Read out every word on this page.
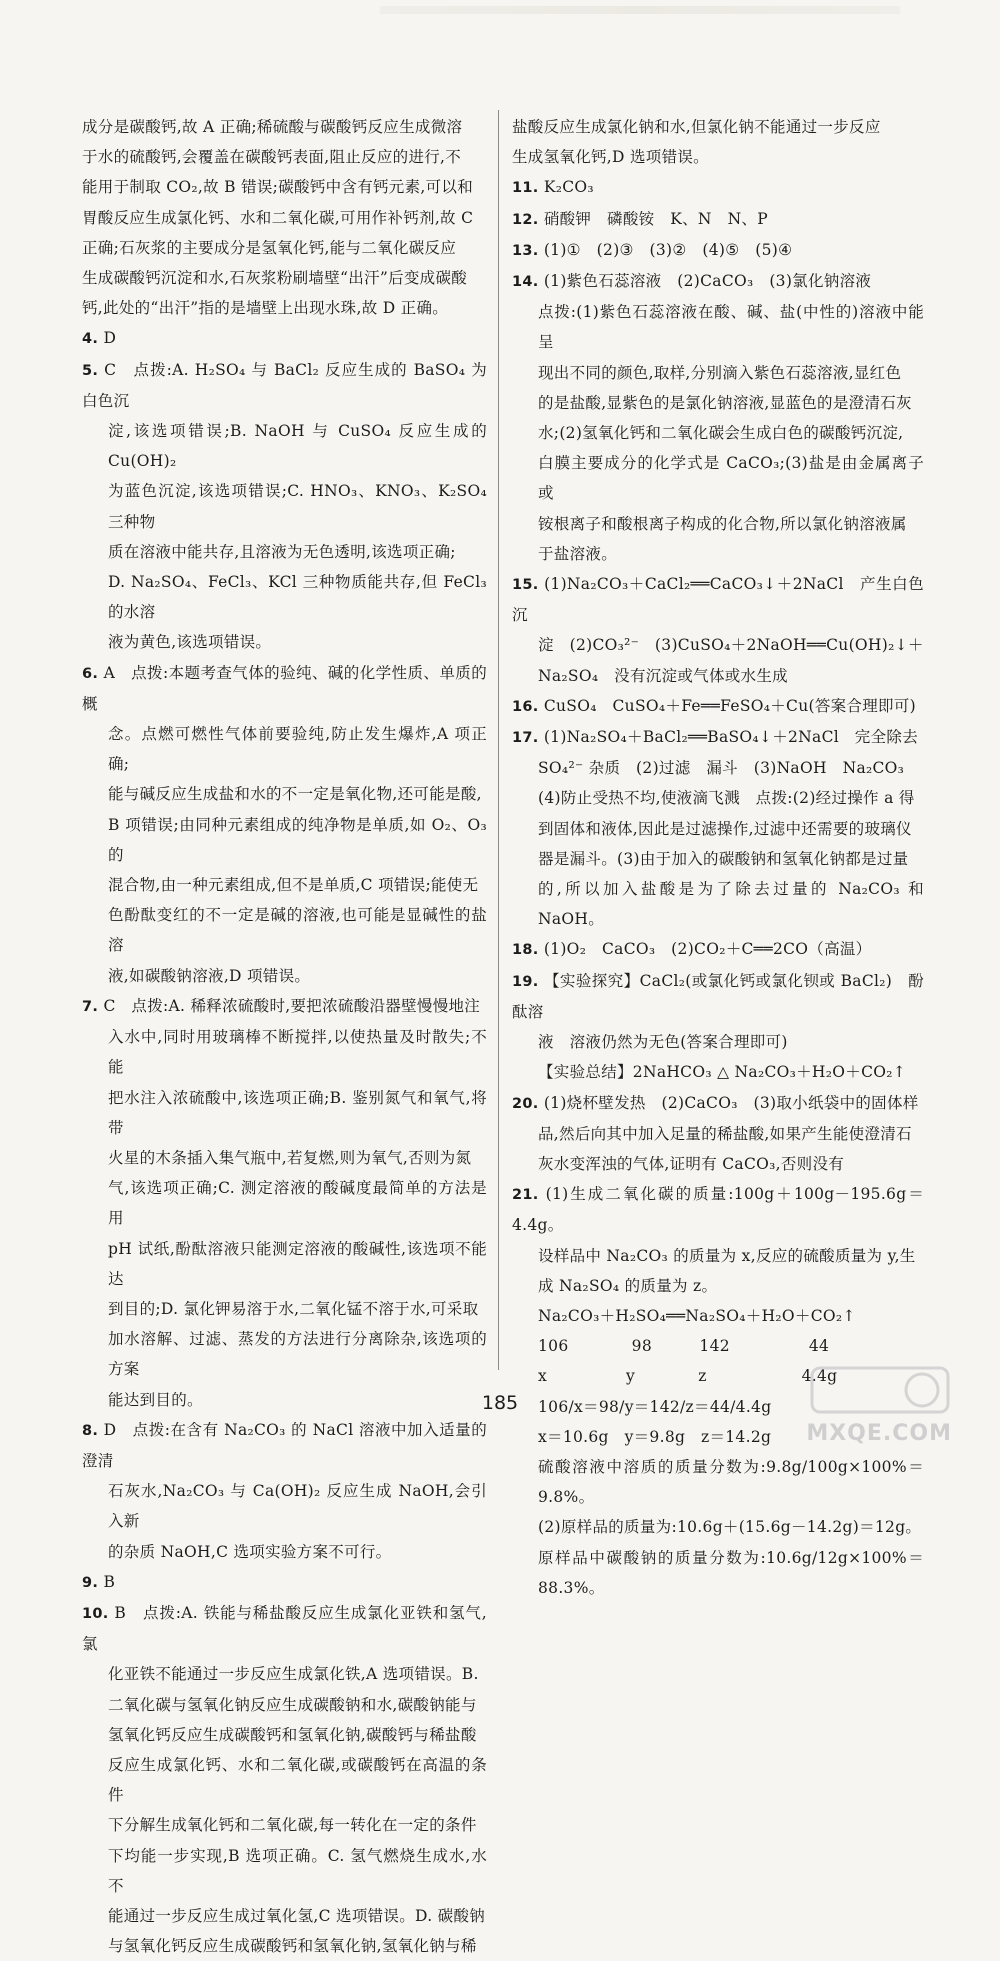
成分是碳酸钙,故 A 正确;稀硫酸与碳酸钙反应生成微溶
于水的硫酸钙,会覆盖在碳酸钙表面,阻止反应的进行,不
能用于制取 CO₂,故 B 错误;碳酸钙中含有钙元素,可以和
胃酸反应生成氯化钙、水和二氧化碳,可用作补钙剂,故 C
正确;石灰浆的主要成分是氢氧化钙,能与二氧化碳反应
生成碳酸钙沉淀和水,石灰浆粉刷墙壁“出汗”后变成碳酸
钙,此处的“出汗”指的是墙壁上出现水珠,故 D 正确。
4. D
5. C　点拨:A. H₂SO₄ 与 BaCl₂ 反应生成的 BaSO₄ 为白色沉
淀,该选项错误;B. NaOH 与 CuSO₄ 反应生成的 Cu(OH)₂
为蓝色沉淀,该选项错误;C. HNO₃、KNO₃、K₂SO₄ 三种物
质在溶液中能共存,且溶液为无色透明,该选项正确;
D. Na₂SO₄、FeCl₃、KCl 三种物质能共存,但 FeCl₃ 的水溶
液为黄色,该选项错误。
6. A　点拨:本题考查气体的验纯、碱的化学性质、单质的概
念。点燃可燃性气体前要验纯,防止发生爆炸,A 项正确;
能与碱反应生成盐和水的不一定是氧化物,还可能是酸,
B 项错误;由同种元素组成的纯净物是单质,如 O₂、O₃ 的
混合物,由一种元素组成,但不是单质,C 项错误;能使无
色酚酞变红的不一定是碱的溶液,也可能是显碱性的盐溶
液,如碳酸钠溶液,D 项错误。
7. C　点拨:A. 稀释浓硫酸时,要把浓硫酸沿器壁慢慢地注
入水中,同时用玻璃棒不断搅拌,以使热量及时散失;不能
把水注入浓硫酸中,该选项正确;B. 鉴别氮气和氧气,将带
火星的木条插入集气瓶中,若复燃,则为氧气,否则为氮
气,该选项正确;C. 测定溶液的酸碱度最简单的方法是用
pH 试纸,酚酞溶液只能测定溶液的酸碱性,该选项不能达
到目的;D. 氯化钾易溶于水,二氧化锰不溶于水,可采取
加水溶解、过滤、蒸发的方法进行分离除杂,该选项的方案
能达到目的。
8. D　点拨:在含有 Na₂CO₃ 的 NaCl 溶液中加入适量的澄清
石灰水,Na₂CO₃ 与 Ca(OH)₂ 反应生成 NaOH,会引入新
的杂质 NaOH,C 选项实验方案不可行。
9. B
10. B　点拨:A. 铁能与稀盐酸反应生成氯化亚铁和氢气,氯
化亚铁不能通过一步反应生成氯化铁,A 选项错误。B.
二氧化碳与氢氧化钠反应生成碳酸钠和水,碳酸钠能与
氢氧化钙反应生成碳酸钙和氢氧化钠,碳酸钙与稀盐酸
反应生成氯化钙、水和二氧化碳,或碳酸钙在高温的条件
下分解生成氧化钙和二氧化碳,每一转化在一定的条件
下均能一步实现,B 选项正确。C. 氢气燃烧生成水,水不
能通过一步反应生成过氧化氢,C 选项错误。D. 碳酸钠
与氢氧化钙反应生成碳酸钙和氢氧化钠,氢氧化钠与稀
盐酸反应生成氯化钠和水,但氯化钠不能通过一步反应
生成氢氧化钙,D 选项错误。
11. K₂CO₃
12. 硝酸钾　磷酸铵　K、N　N、P
13. (1)①　(2)③　(3)②　(4)⑤　(5)④
14. (1)紫色石蕊溶液　(2)CaCO₃　(3)氯化钠溶液
点拨:(1)紫色石蕊溶液在酸、碱、盐(中性的)溶液中能呈
现出不同的颜色,取样,分别滴入紫色石蕊溶液,显红色
的是盐酸,显紫色的是氯化钠溶液,显蓝色的是澄清石灰
水;(2)氢氧化钙和二氧化碳会生成白色的碳酸钙沉淀,
白膜主要成分的化学式是 CaCO₃;(3)盐是由金属离子或
铵根离子和酸根离子构成的化合物,所以氯化钠溶液属
于盐溶液。
15. (1)Na₂CO₃＋CaCl₂══CaCO₃↓＋2NaCl　产生白色沉
淀　(2)CO₃²⁻　(3)CuSO₄＋2NaOH══Cu(OH)₂↓＋
Na₂SO₄　没有沉淀或气体或水生成
16. CuSO₄　CuSO₄＋Fe══FeSO₄＋Cu(答案合理即可)
17. (1)Na₂SO₄＋BaCl₂══BaSO₄↓＋2NaCl　完全除去
SO₄²⁻ 杂质　(2)过滤　漏斗　(3)NaOH　Na₂CO₃
(4)防止受热不均,使液滴飞溅　点拨:(2)经过操作 a 得
到固体和液体,因此是过滤操作,过滤中还需要的玻璃仪
器是漏斗。(3)由于加入的碳酸钠和氢氧化钠都是过量
的,所以加入盐酸是为了除去过量的 Na₂CO₃ 和 NaOH。
18. (1)O₂　CaCO₃　(2)CO₂＋C══2CO（高温）
19. 【实验探究】CaCl₂(或氯化钙或氯化钡或 BaCl₂)　酚酞溶
液　溶液仍然为无色(答案合理即可)
【实验总结】2NaHCO₃ △ Na₂CO₃＋H₂O＋CO₂↑
20. (1)烧杯壁发热　(2)CaCO₃　(3)取小纸袋中的固体样
品,然后向其中加入足量的稀盐酸,如果产生能使澄清石
灰水变浑浊的气体,证明有 CaCO₃,否则没有
21. (1)生成二氧化碳的质量:100g＋100g－195.6g＝4.4g。
设样品中 Na₂CO₃ 的质量为 x,反应的硫酸质量为 y,生
成 Na₂SO₄ 的质量为 z。
Na₂CO₃＋H₂SO₄══Na₂SO₄＋H₂O＋CO₂↑
106　　　　98　　　142　　　　　44
x　　　　　y　　　　z　　　　　　4.4g
106/x＝98/y＝142/z＝44/4.4g
x＝10.6g　y＝9.8g　z＝14.2g
硫酸溶液中溶质的质量分数为:9.8g/100g×100%＝9.8%。
(2)原样品的质量为:10.6g＋(15.6g－14.2g)＝12g。
原样品中碳酸钠的质量分数为:10.6g/12g×100%＝88.3%。
185
MXQE.COM
